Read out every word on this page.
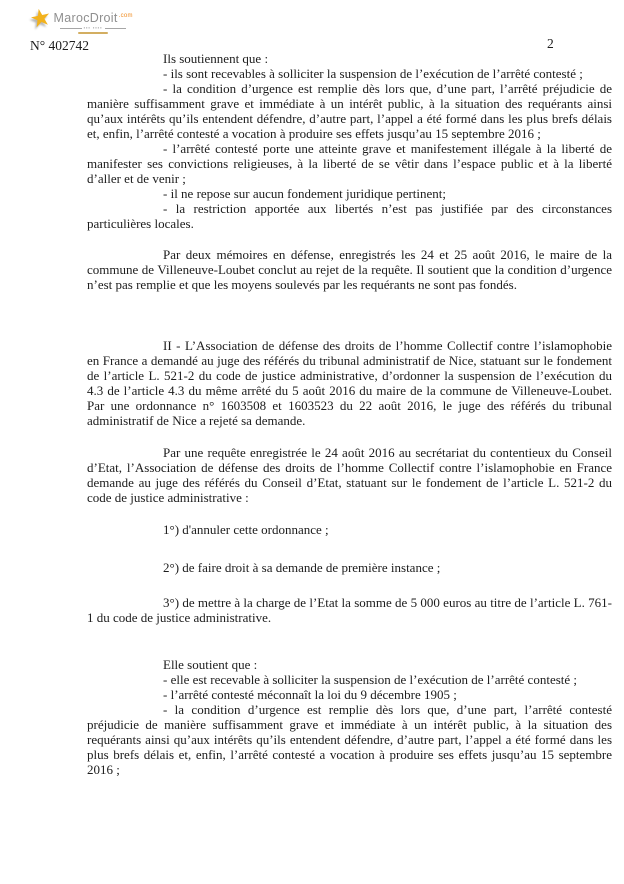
★ MarocDroit$^{.com}$
▪▪▪ ▪▪▪▪
N° 402742	2

Ils soutiennent que :

- ils sont recevables à solliciter la suspension de l’exécution de l’arrêté contesté ;

- la condition d’urgence est remplie dès lors que, d’une part, l’arrêté préjudicie de manière suffisamment grave et immédiate à un intérêt public, à la situation des requérants ainsi qu’aux intérêts qu’ils entendent défendre, d’autre part, l’appel a été formé dans les plus brefs délais et, enfin, l’arrêté contesté a vocation à produire ses effets jusqu’au 15 septembre 2016 ;

- l’arrêté contesté porte une atteinte grave et manifestement illégale à la liberté de manifester ses convictions religieuses, à la liberté de se vêtir dans l’espace public et à la liberté d’aller et de venir ;

- il ne repose sur aucun fondement juridique pertinent;

- la restriction apportée aux libertés n’est pas justifiée par des circonstances particulières locales.

Par deux mémoires en défense, enregistrés les 24 et 25 août 2016, le maire de la commune de Villeneuve-Loubet conclut au rejet de la requête. Il soutient que la condition d’urgence n’est pas remplie et que les moyens soulevés par les requérants ne sont pas fondés.

II - L’Association de défense des droits de l’homme Collectif contre l’islamophobie en France a demandé au juge des référés du tribunal administratif de Nice, statuant sur le fondement de l’article L. 521-2 du code de justice administrative, d’ordonner la suspension de l’exécution du 4.3 de l’article 4.3 du même arrêté du 5 août 2016 du maire de la commune de Villeneuve-Loubet. Par une ordonnance n° 1603508 et 1603523 du 22 août 2016, le juge des référés du tribunal administratif de Nice a rejeté sa demande.

Par une requête enregistrée le 24 août 2016 au secrétariat du contentieux du Conseil d’Etat, l’Association de défense des droits de l’homme Collectif contre l’islamophobie en France demande au juge des référés du Conseil d’Etat, statuant sur le fondement de l’article L. 521-2 du code de justice administrative :

1°) d'annuler cette ordonnance ;

2°) de faire droit à sa demande de première instance ;

3°) de mettre à la charge de l’Etat la somme de 5 000 euros au titre de l’article L. 761-1 du code de justice administrative.

Elle soutient que :

- elle est recevable à solliciter la suspension de l’exécution de l’arrêté contesté ;

- l’arrêté contesté méconnaît la loi du 9 décembre 1905 ;

- la condition d’urgence est remplie dès lors que, d’une part, l’arrêté contesté préjudicie de manière suffisamment grave et immédiate à un intérêt public, à la situation des requérants ainsi qu’aux intérêts qu’ils entendent défendre, d’autre part, l’appel a été formé dans les plus brefs délais et, enfin, l’arrêté contesté a vocation à produire ses effets jusqu’au 15 septembre 2016 ;
